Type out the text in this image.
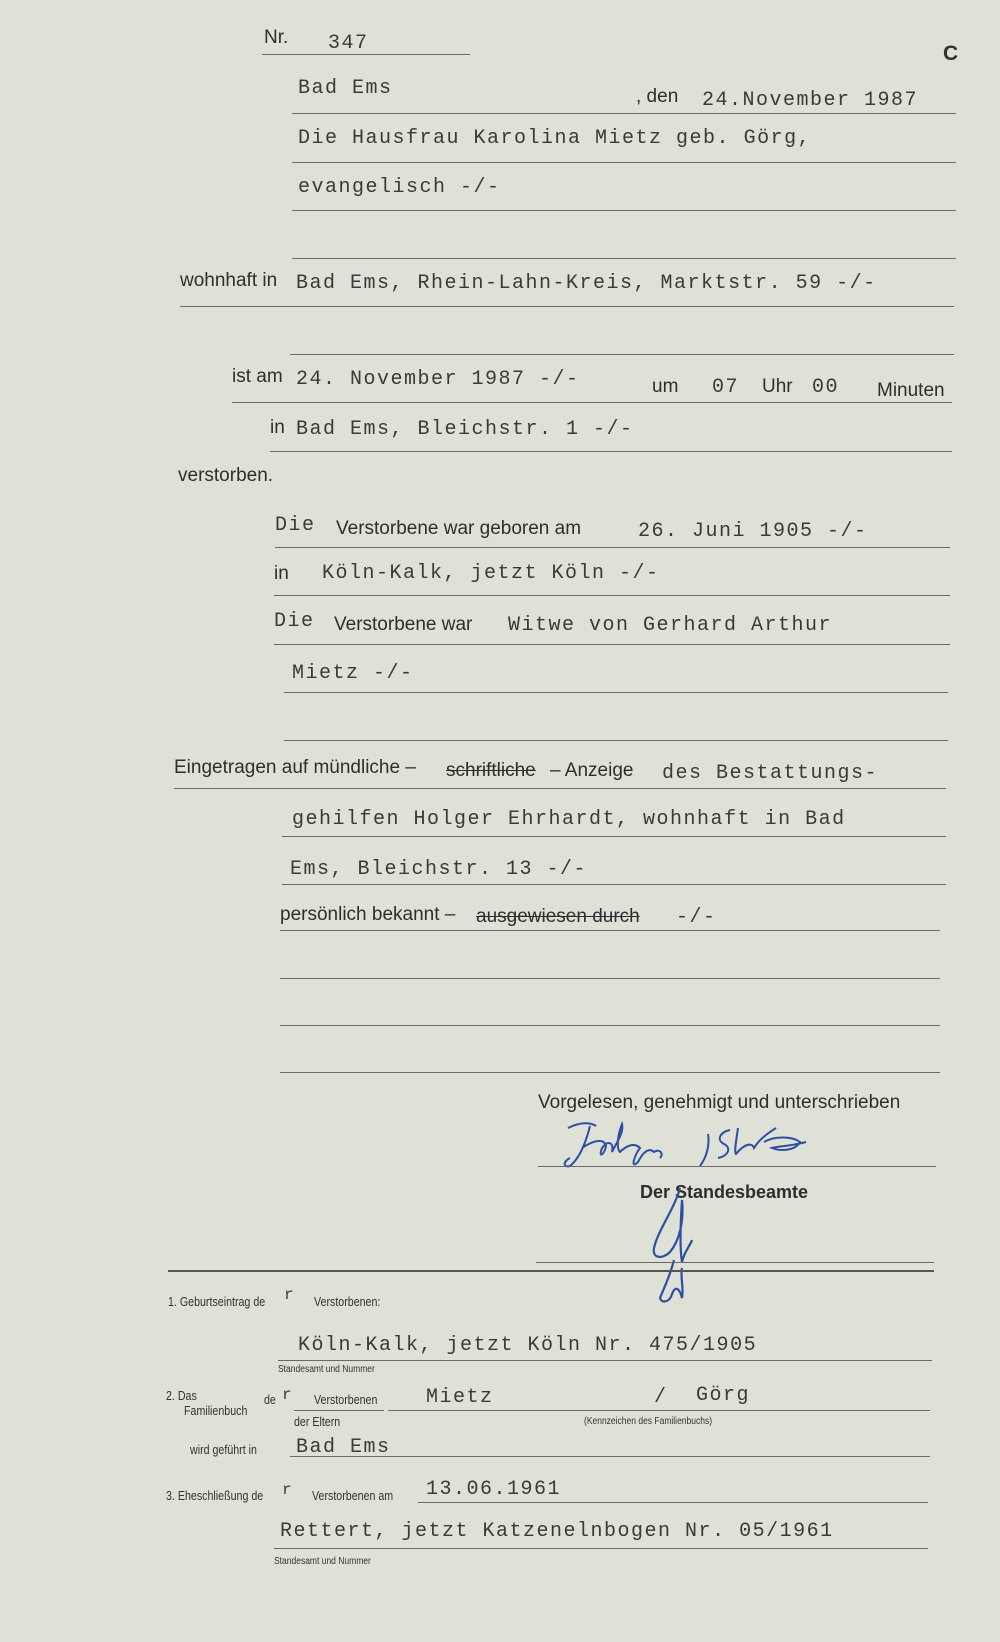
Nr. 347	C
Bad Ems	, den 24.November 1987
Die Hausfrau Karolina Mietz geb. Görg,
evangelisch -/-
wohnhaft in Bad Ems, Rhein-Lahn-Kreis, Marktstr. 59 -/-
ist am 24. November 1987 -/-	um 07 Uhr 00 Minuten
in Bad Ems, Bleichstr. 1 -/-
verstorben.
Die Verstorbene war geboren am	26. Juni 1905 -/-
in Köln-Kalk, jetzt Köln -/-
Die Verstorbene war Witwe von Gerhard Arthur
Mietz -/-
Eingetragen auf mündliche – schriftliche – Anzeige des Bestattungs-
gehilfen Holger Ehrhardt, wohnhaft in Bad
Ems, Bleichstr. 13 -/-
persönlich bekannt – ausgewiesen durch -/-
Vorgelesen, genehmigt und unterschrieben
Der Standesbeamte
1. Geburtseintrag de r Verstorbenen:
Köln-Kalk, jetzt Köln Nr. 475/1905
Standesamt und Nummer
2. Das
Familienbuch
de r Verstorbenen
der Eltern
Mietz	/ Görg
(Kennzeichen des Familienbuchs)
wird geführt in Bad Ems
3. Eheschließung de r Verstorbenen am 13.06.1961
Rettert, jetzt Katzenelnbogen Nr. 05/1961
Standesamt und Nummer
